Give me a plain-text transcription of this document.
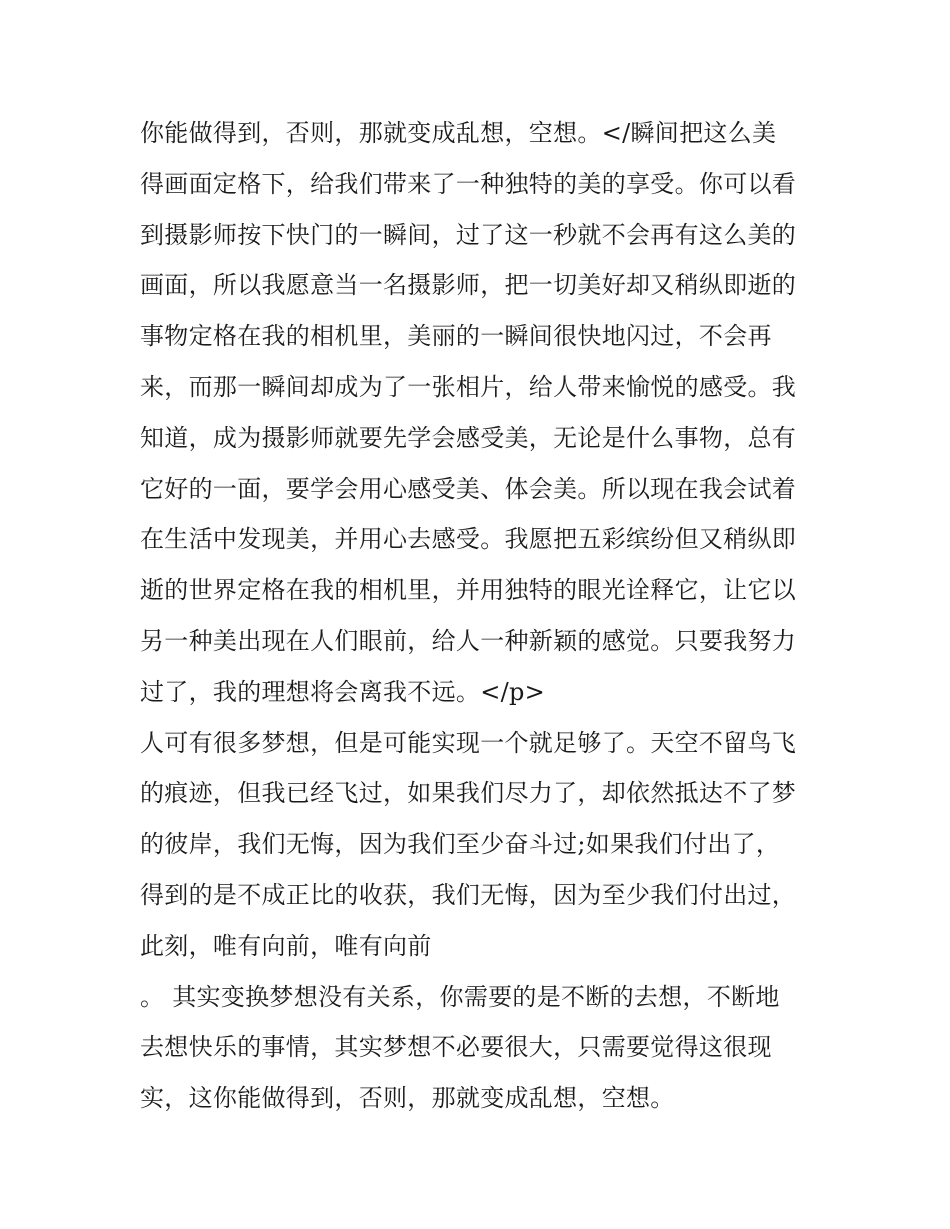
你能做得到，否则，那就变成乱想，空想。</瞬间把这么美
得画面定格下，给我们带来了一种独特的美的享受。你可以看
到摄影师按下快门的一瞬间，过了这一秒就不会再有这么美的
画面，所以我愿意当一名摄影师，把一切美好却又稍纵即逝的
事物定格在我的相机里，美丽的一瞬间很快地闪过，不会再
来，而那一瞬间却成为了一张相片，给人带来愉悦的感受。我
知道，成为摄影师就要先学会感受美，无论是什么事物，总有
它好的一面，要学会用心感受美、体会美。所以现在我会试着
在生活中发现美，并用心去感受。我愿把五彩缤纷但又稍纵即
逝的世界定格在我的相机里，并用独特的眼光诠释它，让它以
另一种美出现在人们眼前，给人一种新颖的感觉。只要我努力
过了，我的理想将会离我不远。</p>
人可有很多梦想，但是可能实现一个就足够了。天空不留鸟飞
的痕迹，但我已经飞过，如果我们尽力了，却依然抵达不了梦
的彼岸，我们无悔，因为我们至少奋斗过;如果我们付出了，
得到的是不成正比的收获，我们无悔，因为至少我们付出过，
此刻，唯有向前，唯有向前
。 其实变换梦想没有关系，你需要的是不断的去想，不断地
去想快乐的事情，其实梦想不必要很大，只需要觉得这很现
实，这你能做得到，否则，那就变成乱想，空想。
